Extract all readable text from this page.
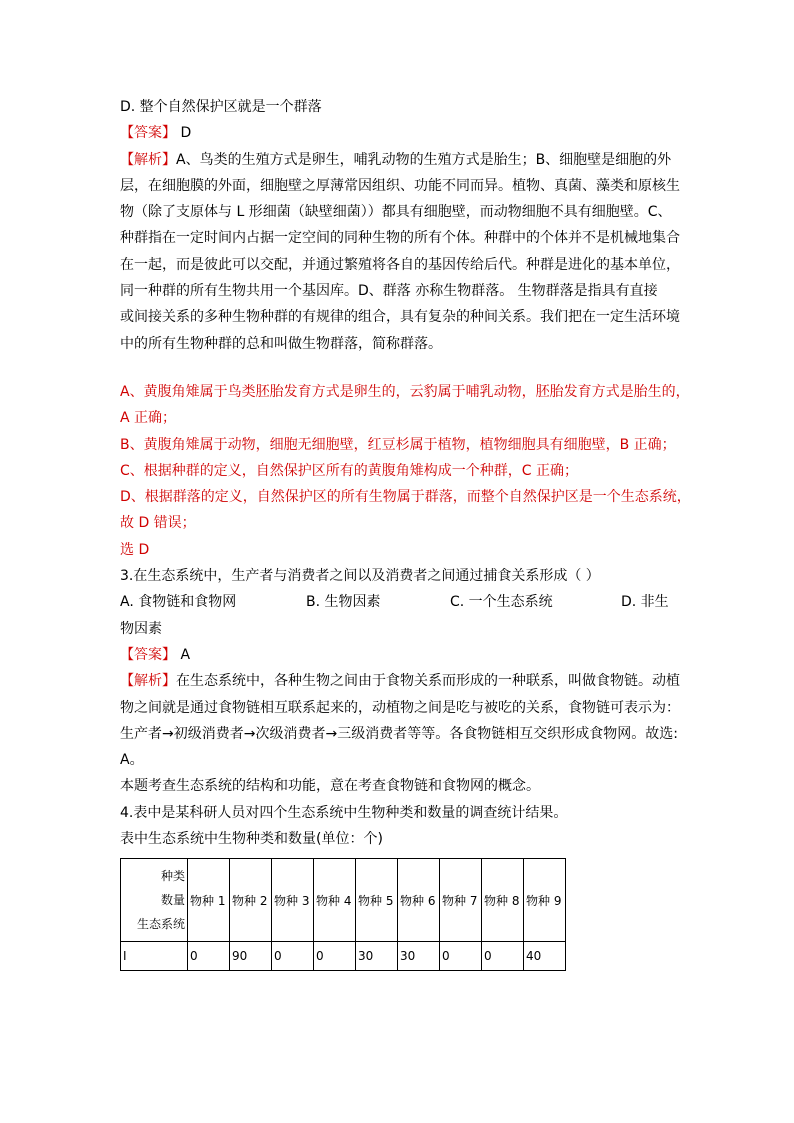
D. 整个自然保护区就是一个群落
【答案】 D
【解析】A、鸟类的生殖方式是卵生，哺乳动物的生殖方式是胎生；B、细胞壁是细胞的外
层，在细胞膜的外面，细胞壁之厚薄常因组织、功能不同而异。植物、真菌、藻类和原核生
物（除了支原体与 L 形细菌（缺壁细菌））都具有细胞壁，而动物细胞不具有细胞壁。C、
种群指在一定时间内占据一定空间的同种生物的所有个体。种群中的个体并不是机械地集合
在一起，而是彼此可以交配，并通过繁殖将各自的基因传给后代。种群是进化的基本单位，
同一种群的所有生物共用一个基因库。D、群落 亦称生物群落。 生物群落是指具有直接
或间接关系的多种生物种群的有规律的组合，具有复杂的种间关系。我们把在一定生活环境
中的所有生物种群的总和叫做生物群落，简称群落。
A、黄腹角雉属于鸟类胚胎发育方式是卵生的，云豹属于哺乳动物，胚胎发育方式是胎生的，
A 正确；
B、黄腹角雉属于动物，细胞无细胞壁，红豆杉属于植物，植物细胞具有细胞壁，B 正确；
C、根据种群的定义，自然保护区所有的黄腹角雉构成一个种群，C 正确；
D、根据群落的定义，自然保护区的所有生物属于群落，而整个自然保护区是一个生态系统，
故 D 错误；
选 D
3.在生态系统中，生产者与消费者之间以及消费者之间通过捕食关系形成（ ）
A. 食物链和食物网	B. 生物因素	C. 一个生态系统	D. 非生
物因素
【答案】 A
【解析】在生态系统中，各种生物之间由于食物关系而形成的一种联系，叫做食物链。动植
物之间就是通过食物链相互联系起来的，动植物之间是吃与被吃的关系，食物链可表示为：
生产者→初级消费者→次级消费者→三级消费者等等。各食物链相互交织形成食物网。故选:
A。
本题考查生态系统的结构和功能，意在考查食物链和食物网的概念。
4.表中是某科研人员对四个生态系统中生物种类和数量的调查统计结果。
表中生态系统中生物种类和数量(单位：个)
种类
数量
生态系统	物种 1	物种 2	物种 3	物种 4	物种 5	物种 6	物种 7	物种 8	物种 9
I	0	90	0	0	30	30	0	0	40
